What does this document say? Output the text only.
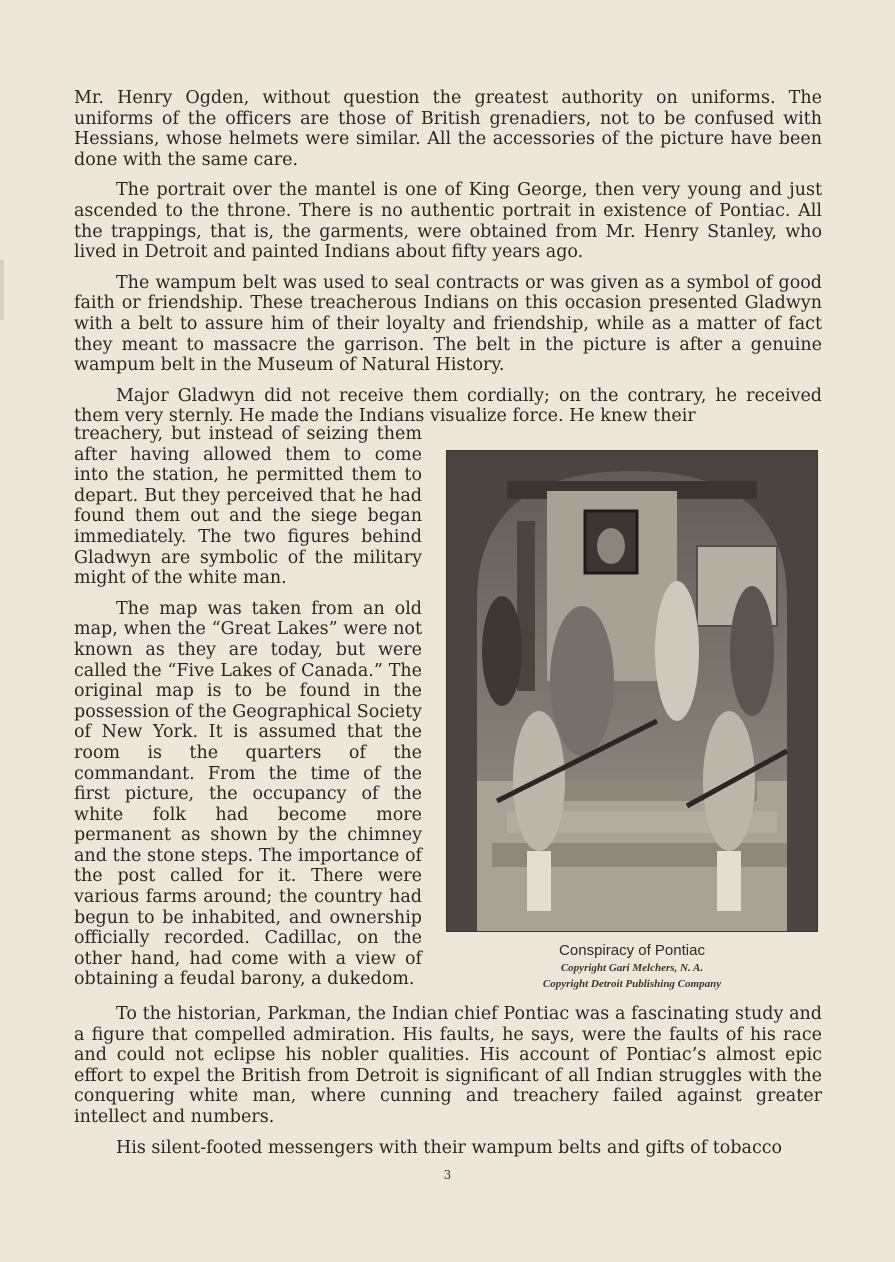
Mr. Henry Ogden, without question the greatest authority on uniforms. The uniforms of the officers are those of British grenadiers, not to be confused with Hessians, whose helmets were similar. All the accessories of the picture have been done with the same care.

The portrait over the mantel is one of King George, then very young and just ascended to the throne. There is no authentic portrait in existence of Pontiac. All the trappings, that is, the garments, were obtained from Mr. Henry Stanley, who lived in Detroit and painted Indians about fifty years ago.

The wampum belt was used to seal contracts or was given as a symbol of good faith or friendship. These treacherous Indians on this occasion presented Gladwyn with a belt to assure him of their loyalty and friendship, while as a matter of fact they meant to massacre the garrison. The belt in the picture is after a genuine wampum belt in the Museum of Natural History.

Major Gladwyn did not receive them cordially; on the contrary, he received them very sternly. He made the Indians visualize force. He knew their

treachery, but instead of seizing them after having allowed them to come into the station, he permitted them to depart. But they perceived that he had found them out and the siege began immediately. The two figures behind Gladwyn are symbolic of the military might of the white man.

The map was taken from an old map, when the “Great Lakes” were not known as they are today, but were called the “Five Lakes of Canada.” The original map is to be found in the possession of the Geographical Society of New York. It is assumed that the room is the quarters of the commandant. From the time of the first picture, the occupancy of the white folk had become more permanent as shown by the chimney and the stone steps. The importance of the post called for it. There were various farms around; the country had begun to be inhabited, and ownership officially recorded. Cadillac, on the other hand, had come with a view of obtaining a feudal barony, a dukedom.

Conspiracy of Pontiac
Copyright Gari Melchers, N. A.
Copyright Detroit Publishing Company

To the historian, Parkman, the Indian chief Pontiac was a fascinating study and a figure that compelled admiration. His faults, he says, were the faults of his race and could not eclipse his nobler qualities. His account of Pontiac’s almost epic effort to expel the British from Detroit is significant of all Indian struggles with the conquering white man, where cunning and treachery failed against greater intellect and numbers.

His silent-footed messengers with their wampum belts and gifts of tobacco

3
